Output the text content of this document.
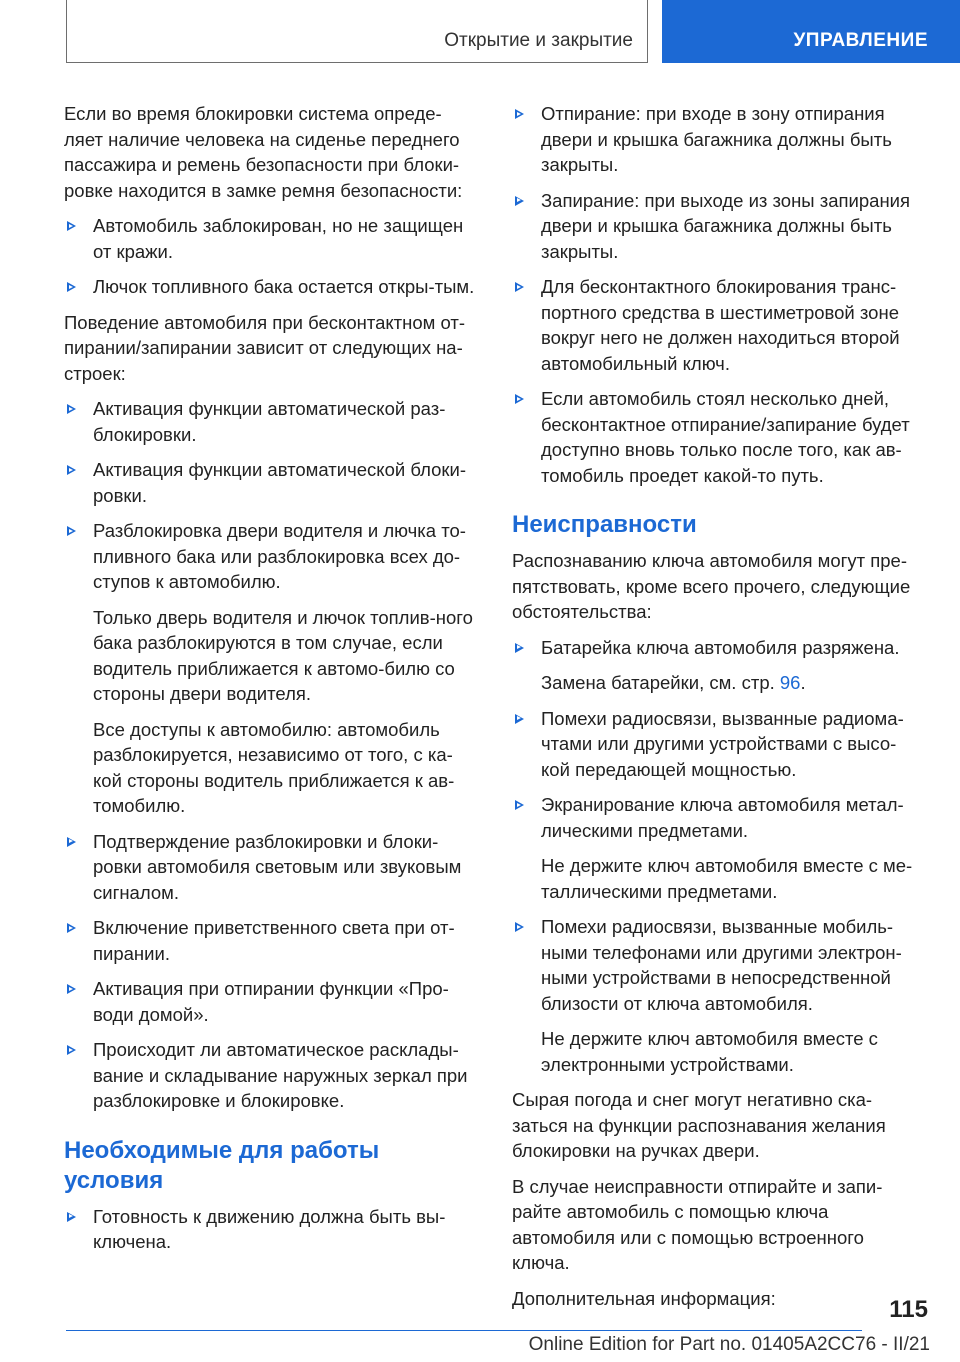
Открытие и закрытие	УПРАВЛЕНИЕ

Если во время блокировки система опреде-ляет наличие человека на сиденье переднего пассажира и ремень безопасности при блоки-ровке находится в замке ремня безопасности:

Автомобиль заблокирован, но не защищен от кражи.
Лючок топливного бака остается откры-тым.

Поведение автомобиля при бесконтактном от-пирании/запирании зависит от следующих на-строек:

Активация функции автоматической раз-блокировки.
Активация функции автоматической блоки-ровки.
Разблокировка двери водителя и лючка то-пливного бака или разблокировка всех до-ступов к автомобилю.
Только дверь водителя и лючок топлив-ного бака разблокируются в том случае, если водитель приближается к автомо-билю со стороны двери водителя.
Все доступы к автомобилю: автомобиль разблокируется, независимо от того, с ка-кой стороны водитель приближается к ав-томобилю.
Подтверждение разблокировки и блоки-ровки автомобиля световым или звуковым сигналом.
Включение приветственного света при от-пирании.
Активация при отпирании функции «Про-води домой».
Происходит ли автоматическое расклады-вание и складывание наружных зеркал при разблокировке и блокировке.
Необходимые для работы условия
Готовность к движению должна быть вы-ключена.
Отпирание: при входе в зону отпирания двери и крышка багажника должны быть закрыты.
Запирание: при выходе из зоны запирания двери и крышка багажника должны быть закрыты.
Для бесконтактного блокирования транс-портного средства в шестиметровой зоне вокруг него не должен находиться второй автомобильный ключ.
Если автомобиль стоял несколько дней, бесконтактное отпирание/запирание будет доступно вновь только после того, как ав-томобиль проедет какой-то путь.
Неисправности

Распознаванию ключа автомобиля могут пре-пятствовать, кроме всего прочего, следующие обстоятельства:

Батарейка ключа автомобиля разряжена.
Замена батарейки, см. стр. 96.
Помехи радиосвязи, вызванные радиома-чтами или другими устройствами с высо-кой передающей мощностью.
Экранирование ключа автомобиля метал-лическими предметами.
Не держите ключ автомобиля вместе с ме-таллическими предметами.
Помехи радиосвязи, вызванные мобиль-ными телефонами или другими электрон-ными устройствами в непосредственной близости от ключа автомобиля.
Не держите ключ автомобиля вместе с электронными устройствами.

Сырая погода и снег могут негативно ска-заться на функции распознавания желания блокировки на ручках двери.

В случае неисправности отпирайте и запи-райте автомобиль с помощью ключа автомобиля или с помощью встроенного ключа.

Дополнительная информация:	115
Online Edition for Part no. 01405A2CC76 - II/21
